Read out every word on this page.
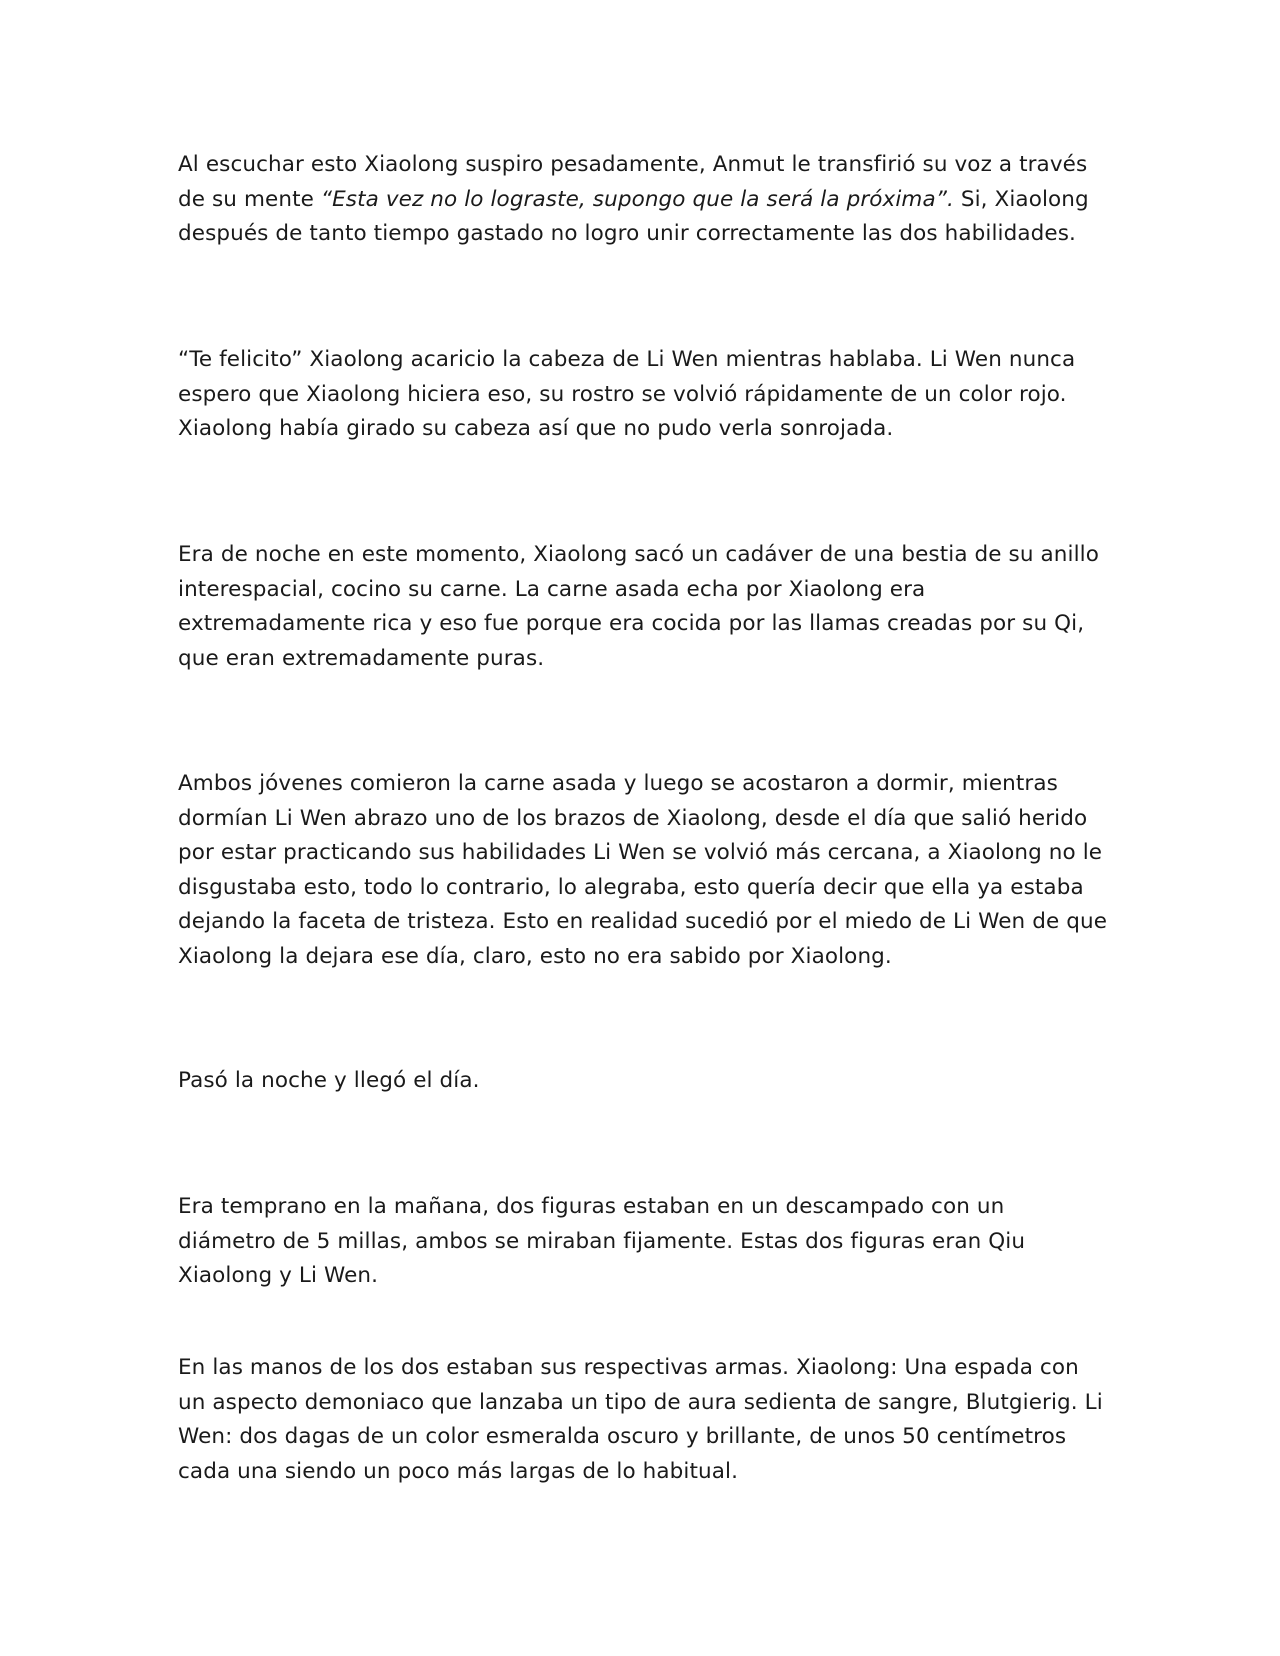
Al escuchar esto Xiaolong suspiro pesadamente, Anmut le transfirió su voz a través de su mente “Esta vez no lo lograste, supongo que la será la próxima”. Si, Xiaolong después de tanto tiempo gastado no logro unir correctamente las dos habilidades.

“Te felicito” Xiaolong acaricio la cabeza de Li Wen mientras hablaba. Li Wen nunca espero que Xiaolong hiciera eso, su rostro se volvió rápidamente de un color rojo. Xiaolong había girado su cabeza así que no pudo verla sonrojada.

Era de noche en este momento, Xiaolong sacó un cadáver de una bestia de su anillo interespacial, cocino su carne. La carne asada echa por Xiaolong era extremadamente rica y eso fue porque era cocida por las llamas creadas por su Qi, que eran extremadamente puras.

Ambos jóvenes comieron la carne asada y luego se acostaron a dormir, mientras dormían Li Wen abrazo uno de los brazos de Xiaolong, desde el día que salió herido por estar practicando sus habilidades Li Wen se volvió más cercana, a Xiaolong no le disgustaba esto, todo lo contrario, lo alegraba, esto quería decir que ella ya estaba dejando la faceta de tristeza. Esto en realidad sucedió por el miedo de Li Wen de que Xiaolong la dejara ese día, claro, esto no era sabido por Xiaolong.

Pasó la noche y llegó el día.

Era temprano en la mañana, dos figuras estaban en un descampado con un diámetro de 5 millas, ambos se miraban fijamente. Estas dos figuras eran Qiu Xiaolong y Li Wen.

En las manos de los dos estaban sus respectivas armas. Xiaolong: Una espada con un aspecto demoniaco que lanzaba un tipo de aura sedienta de sangre, Blutgierig. Li Wen: dos dagas de un color esmeralda oscuro y brillante, de unos 50 centímetros cada una siendo un poco más largas de lo habitual.
